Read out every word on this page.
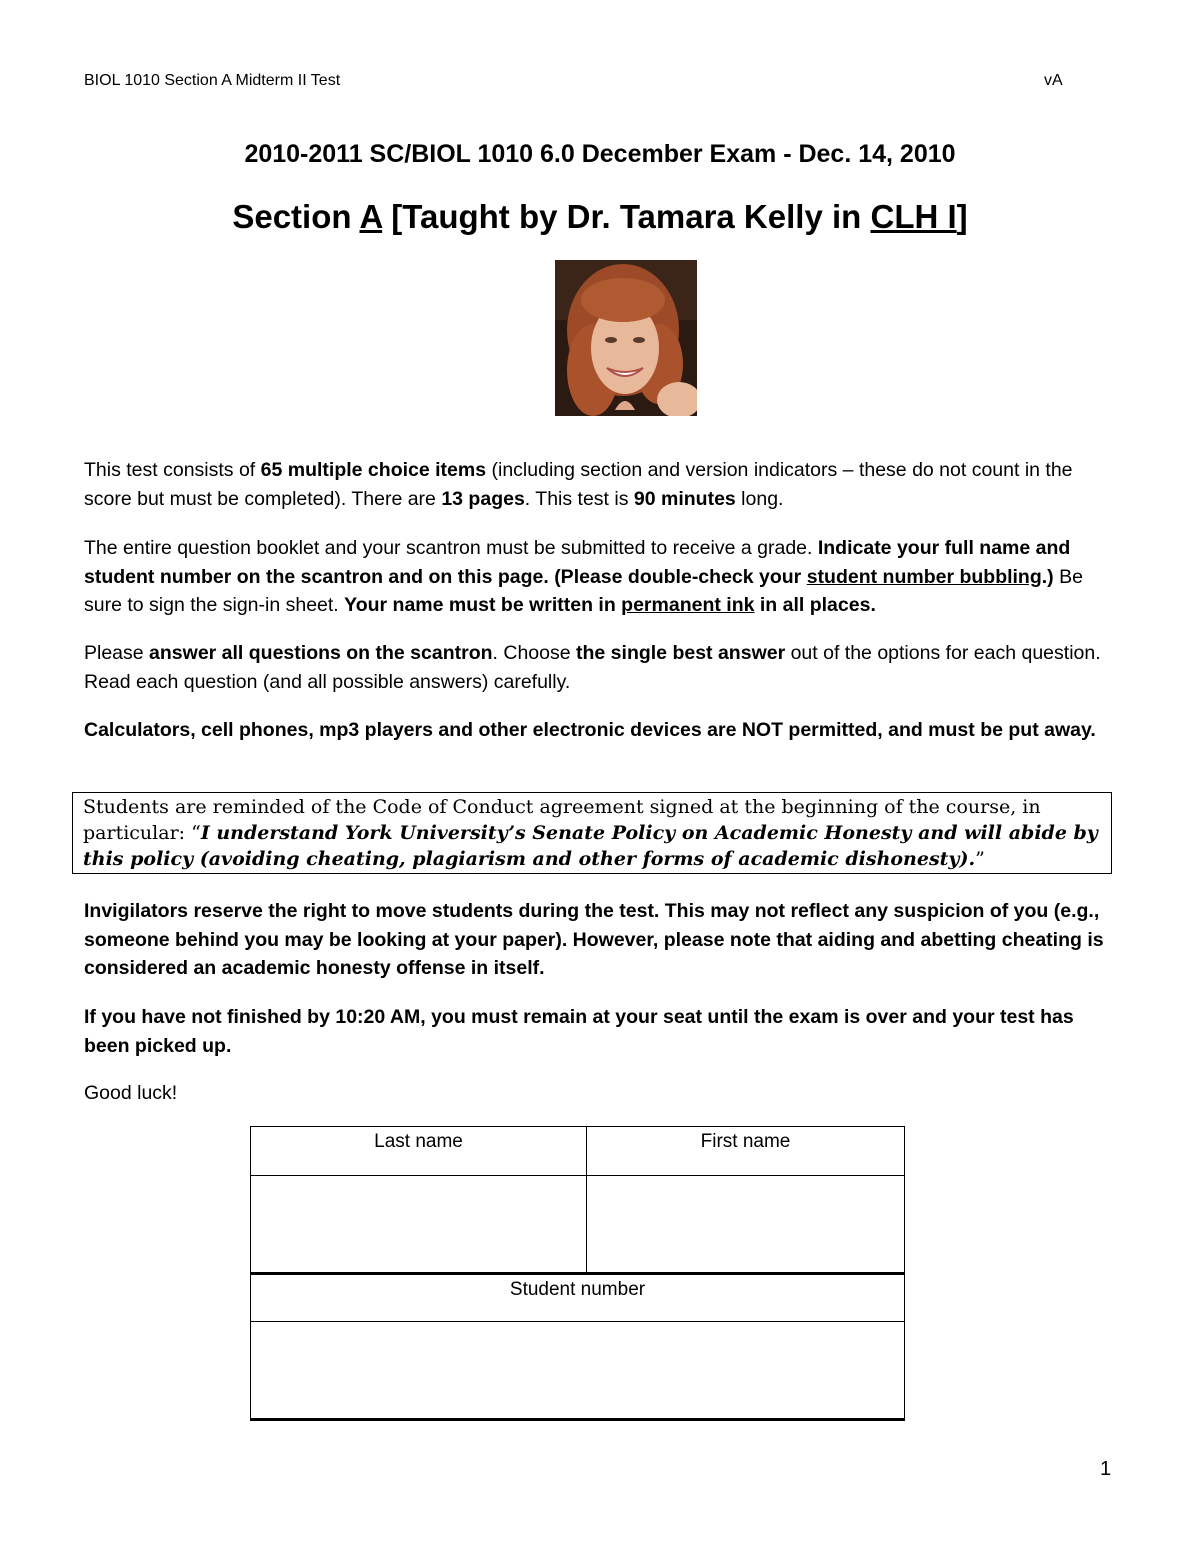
BIOL 1010 Section A Midterm II Test	vA
2010-2011 SC/BIOL 1010 6.0 December Exam - Dec. 14, 2010
Section A [Taught by Dr. Tamara Kelly in CLH I]
This test consists of 65 multiple choice items (including section and version indicators – these do not count in the score but must be completed). There are 13 pages. This test is 90 minutes long.
The entire question booklet and your scantron must be submitted to receive a grade. Indicate your full name and student number on the scantron and on this page. (Please double-check your student number bubbling.) Be sure to sign the sign-in sheet. Your name must be written in permanent ink in all places.
Please answer all questions on the scantron. Choose the single best answer out of the options for each question. Read each question (and all possible answers) carefully.
Calculators, cell phones, mp3 players and other electronic devices are NOT permitted, and must be put away.
Students are reminded of the Code of Conduct agreement signed at the beginning of the course, in particular: “I understand York University’s Senate Policy on Academic Honesty and will abide by this policy (avoiding cheating, plagiarism and other forms of academic dishonesty).”
Invigilators reserve the right to move students during the test. This may not reflect any suspicion of you (e.g., someone behind you may be looking at your paper). However, please note that aiding and abetting cheating is considered an academic honesty offense in itself.
If you have not finished by 10:20 AM, you must remain at your seat until the exam is over and your test has been picked up.
Good luck!
Last name	First name

Student number	

1
